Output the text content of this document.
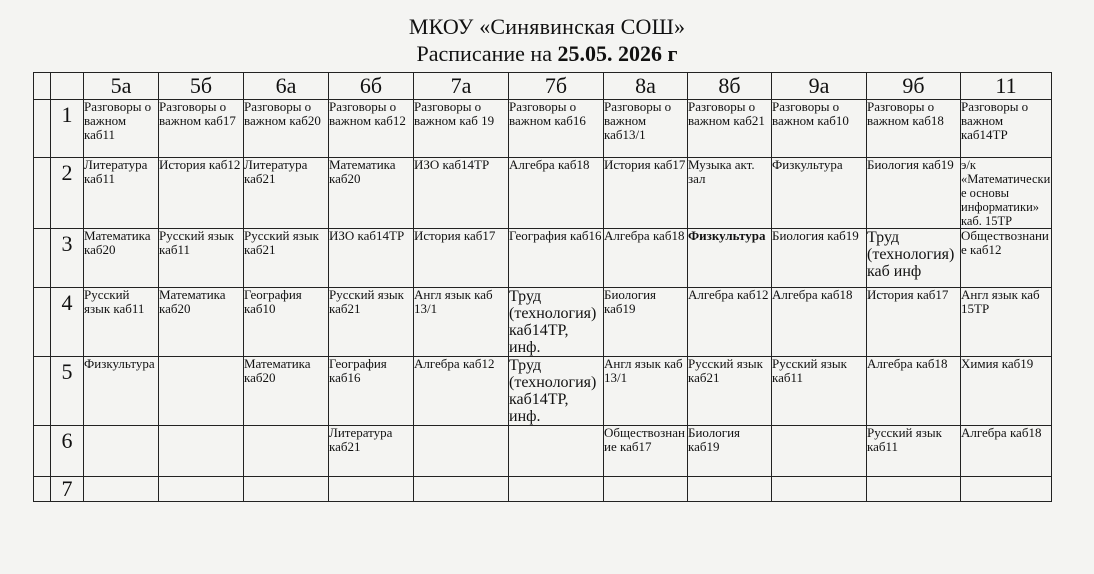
МКОУ «Синявинская СОШ»
Расписание на 25.05. 2026 г
		5а	5б	6а	6б	7а	7б	8а	8б	9а	9б	11
	1	Разговоры о важном каб11	Разговоры о важном каб17	Разговоры о важном каб20	Разговоры о важном каб12	Разговоры о важном каб 19	Разговоры о важном каб16	Разговоры о важном каб13/1	Разговоры о важном каб21	Разговоры о важном каб10	Разговоры о важном каб18	Разговоры о важном каб14ТР
	2	Литература каб11	История каб12	Литература каб21	Математика каб20	ИЗО каб14ТР	Алгебра каб18	История каб17	Музыка акт. зал	Физкультура	Биология каб19	э/к «Математические основы информатики» каб. 15ТР
	3	Математика каб20	Русский язык каб11	Русский язык каб21	ИЗО каб14ТР	История каб17	География каб16	Алгебра каб18	Физкультура	Биология каб19	Труд (технология) каб инф	Обществознание каб12
	4	Русский язык каб11	Математика каб20	География каб10	Русский язык каб21	Англ язык каб 13/1	Труд (технология) каб14ТР, инф.	Биология каб19	Алгебра каб12	Алгебра каб18	История каб17	Англ язык каб 15ТР
	5	Физкультура		Математика каб20	География каб16	Алгебра каб12	Труд (технология) каб14ТР, инф.	Англ язык каб 13/1	Русский язык каб21	Русский язык каб11	Алгебра каб18	Химия каб19
	6				Литература каб21			Обществознание каб17	Биология каб19		Русский язык каб11	Алгебра каб18
	7											
